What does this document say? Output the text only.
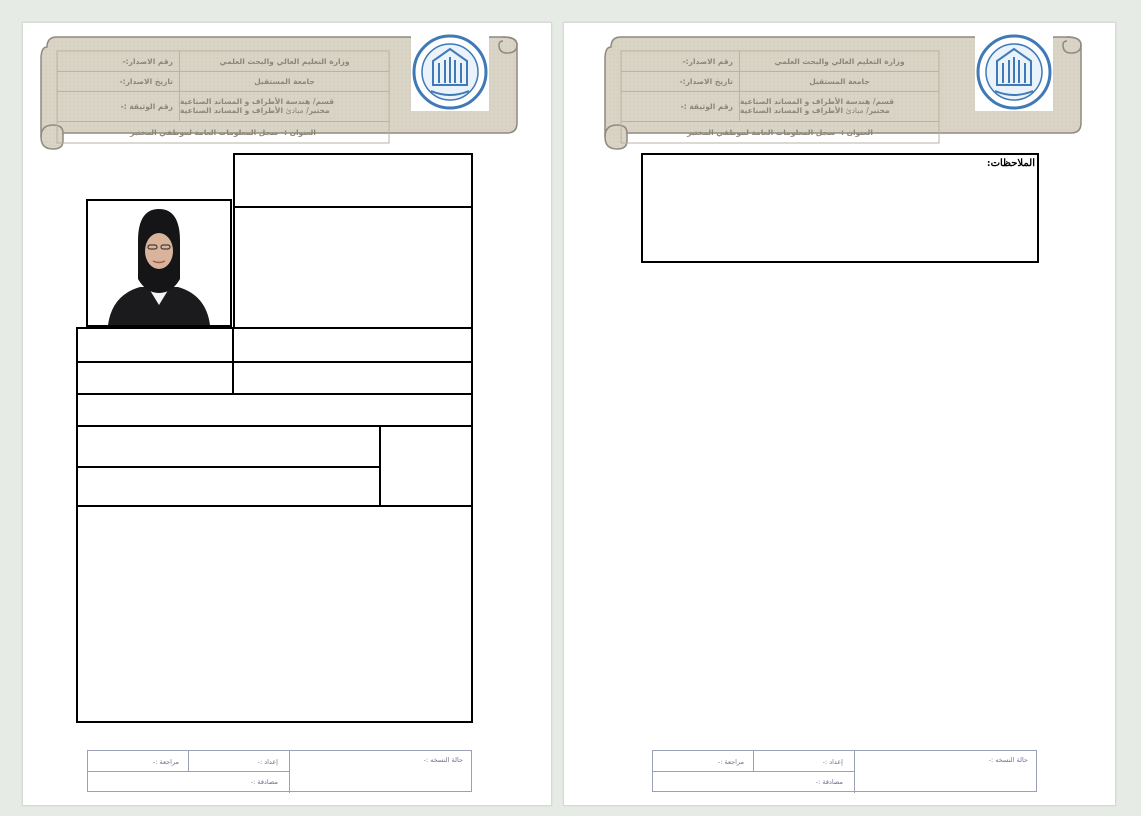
وزارة التعليم العالي والبحث العلمي
رقم الاصدار:-
جامعة المستقبل
تاريخ الاصدار:-
قسم/ هندسة الأطراف و المساند الصناعية
مختبر/ مبادئ الأطراف و المساند الصناعية
رقم الوثيقة :-
العنوان :- سجل المعلومات العامة لموظفي المختبر
حالة النسخه :-
إعداد :-
مراجعة :-
مصادقة :-
وزارة التعليم العالي والبحث العلمي
رقم الاصدار:-
جامعة المستقبل
تاريخ الاصدار:-
قسم/ هندسة الأطراف و المساند الصناعية
مختبر/ مبادئ الأطراف و المساند الصناعية
رقم الوثيقة :-
العنوان :- سجل المعلومات العامة لموظفي المختبر
الملاحظات:
حالة النسخه :-
إعداد :-
مراجعة :-
مصادقة :-
